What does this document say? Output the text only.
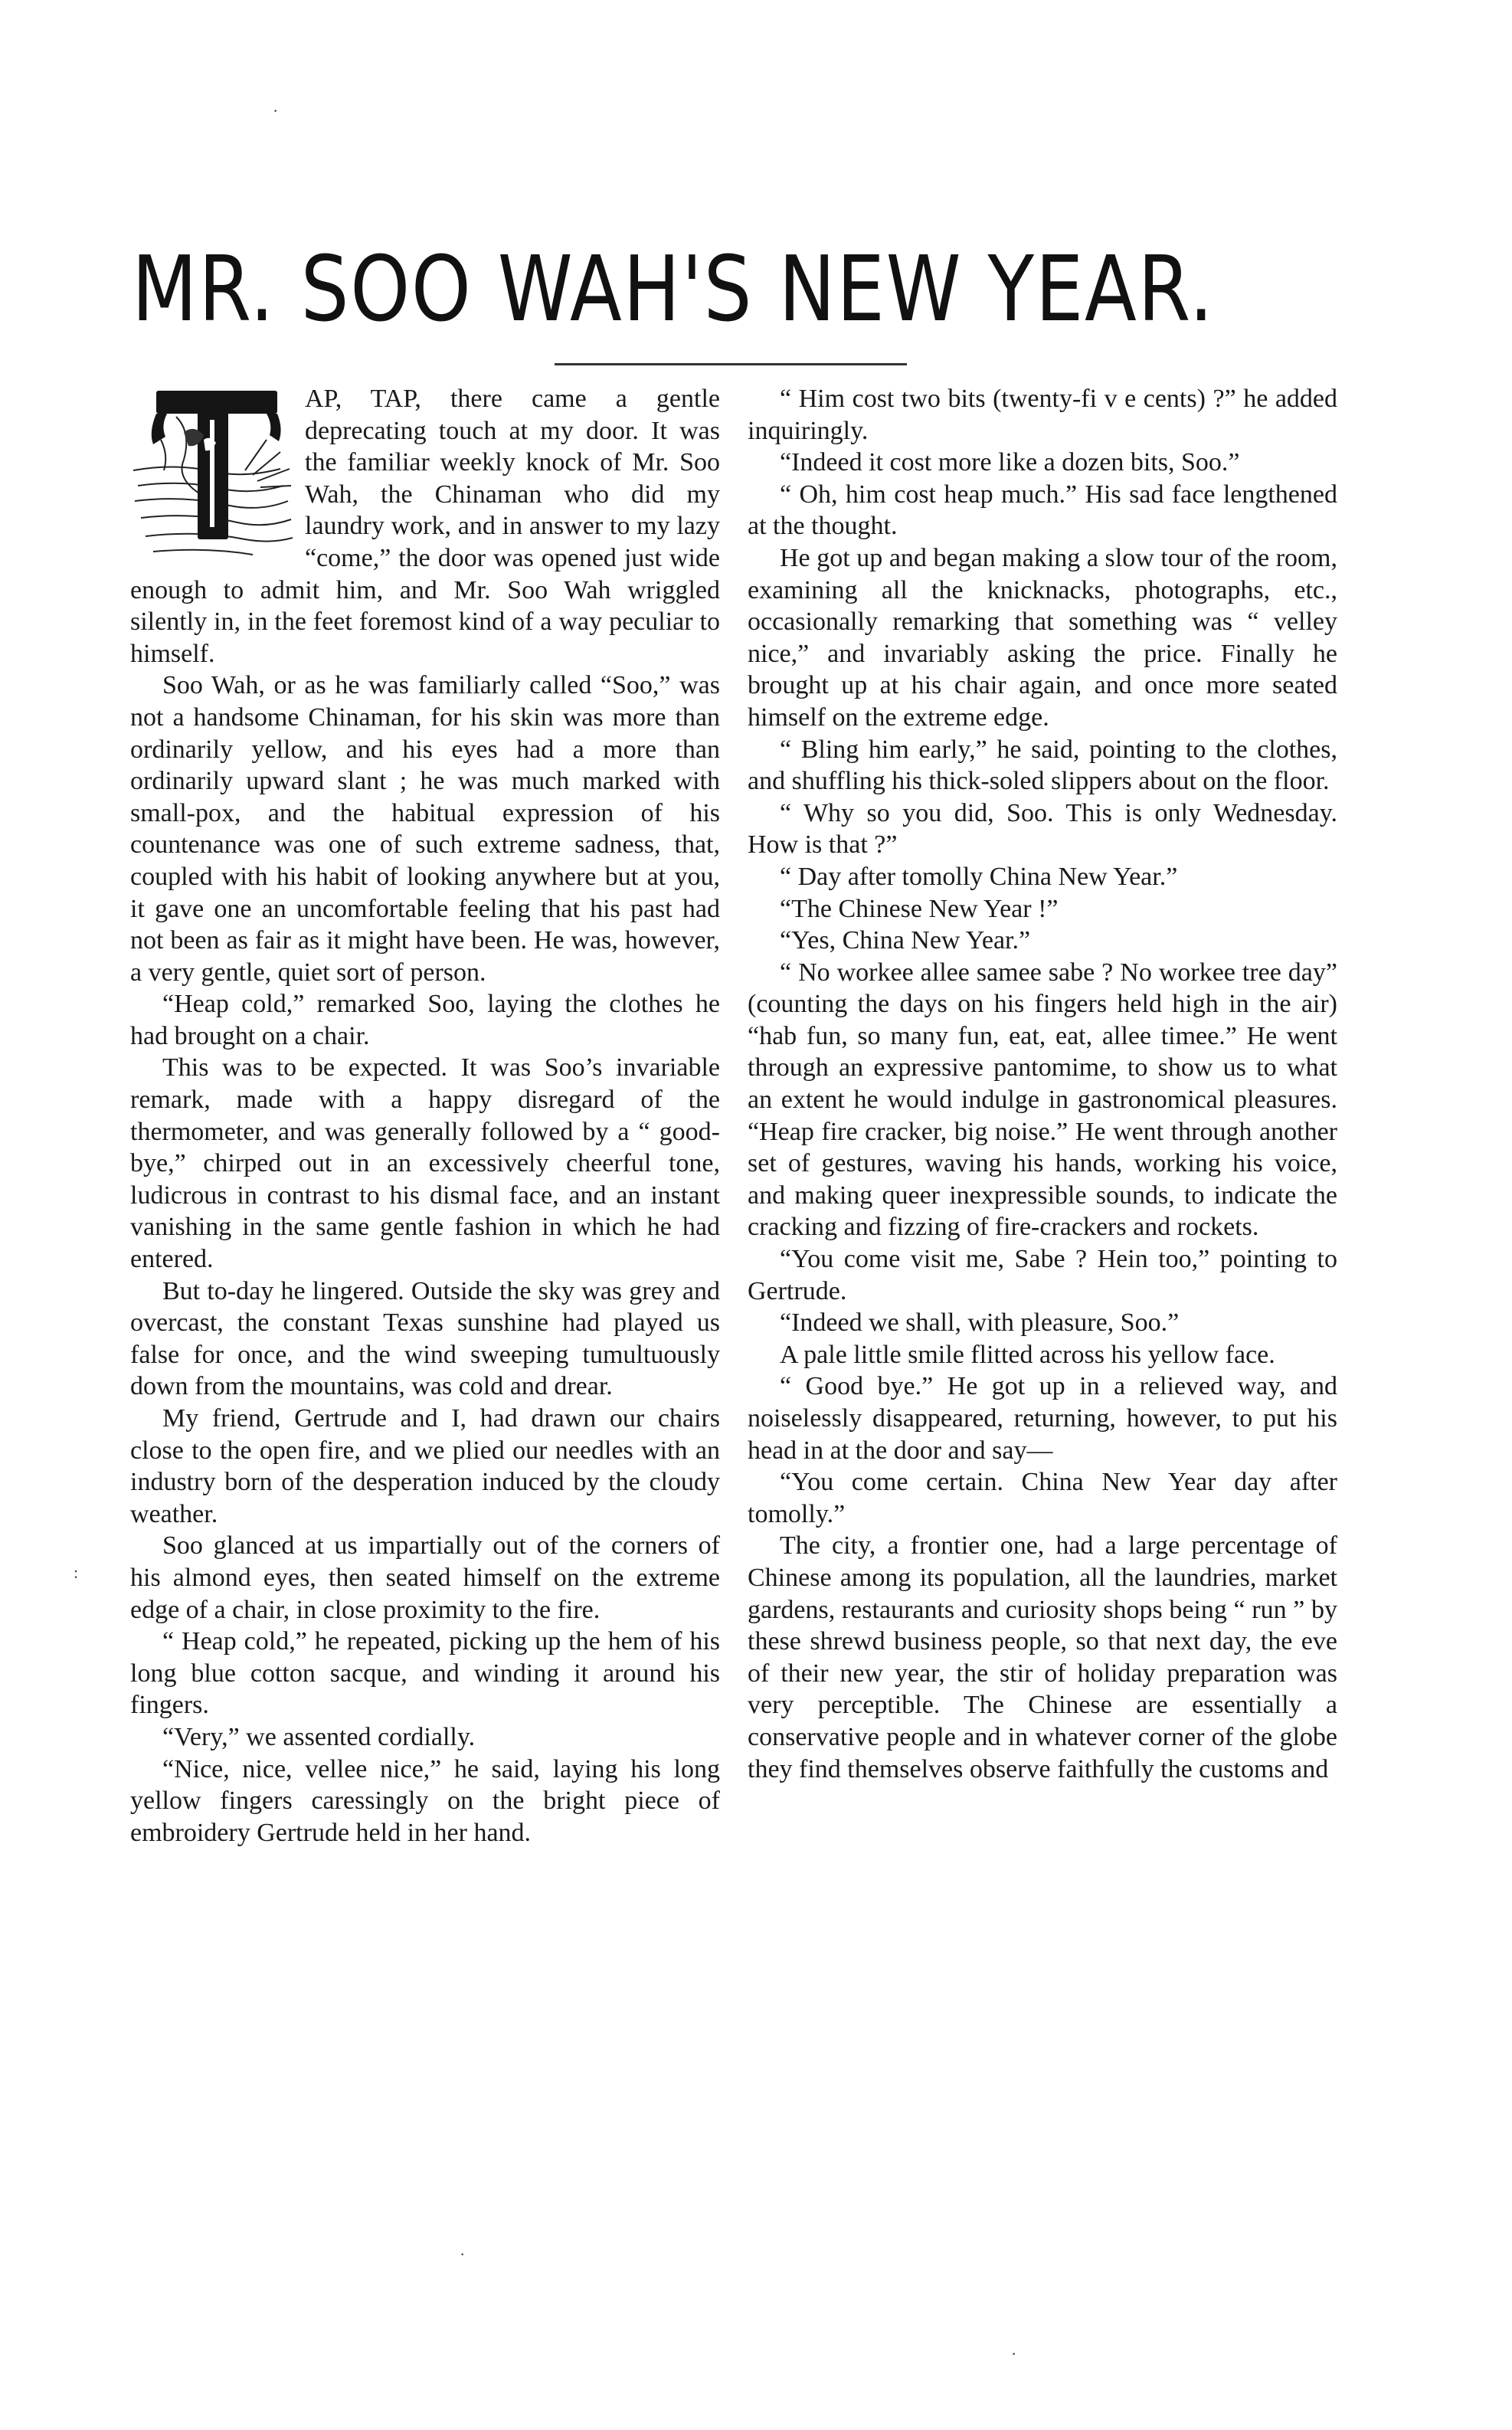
MR. SOO WAH'S NEW YEAR.

AP, TAP, there came a gentle deprecating touch at my door. It was the familiar weekly knock of Mr. Soo Wah, the Chinaman who did my laundry work, and in answer to my lazy “come,” the door was opened just wide enough to admit him, and Mr. Soo Wah wriggled silently in, in the feet foremost kind of a way peculiar to himself.

Soo Wah, or as he was familiarly called “Soo,” was not a handsome Chinaman, for his skin was more than ordinarily yellow, and his eyes had a more than ordinarily upward slant ; he was much marked with small-pox, and the habitual expression of his countenance was one of such extreme sadness, that, coupled with his habit of looking anywhere but at you, it gave one an uncomfortable feeling that his past had not been as fair as it might have been. He was, however, a very gentle, quiet sort of person.

“Heap cold,” remarked Soo, laying the clothes he had brought on a chair.

This was to be expected. It was Soo’s invariable remark, made with a happy disregard of the thermometer, and was generally followed by a “ good-bye,” chirped out in an excessively cheerful tone, ludicrous in contrast to his dismal face, and an instant vanishing in the same gentle fashion in which he had entered.

But to-day he lingered. Outside the sky was grey and overcast, the constant Texas sunshine had played us false for once, and the wind sweeping tumultuously down from the mountains, was cold and drear.

My friend, Gertrude and I, had drawn our chairs close to the open fire, and we plied our needles with an industry born of the desperation induced by the cloudy weather.

Soo glanced at us impartially out of the corners of his almond eyes, then seated himself on the extreme edge of a chair, in close proximity to the fire.

“ Heap cold,” he repeated, picking up the hem of his long blue cotton sacque, and winding it around his fingers.

“Very,” we assented cordially.

“Nice, nice, vellee nice,” he said, laying his long yellow fingers caressingly on the bright piece of embroidery Gertrude held in her hand.

“ Him cost two bits (twenty-fi v e cents) ?” he added inquiringly.

“Indeed it cost more like a dozen bits, Soo.”

“ Oh, him cost heap much.” His sad face lengthened at the thought.

He got up and began making a slow tour of the room, examining all the knicknacks, photographs, etc., occasionally remarking that something was “ velley nice,” and invariably asking the price. Finally he brought up at his chair again, and once more seated himself on the extreme edge.

“ Bling him early,” he said, pointing to the clothes, and shuffling his thick-soled slippers about on the floor.

“ Why so you did, Soo. This is only Wednesday. How is that ?”

“ Day after tomolly China New Year.”

“The Chinese New Year !”

“Yes, China New Year.”

“ No workee allee samee sabe ? No workee tree day” (counting the days on his fingers held high in the air) “hab fun, so many fun, eat, eat, allee timee.” He went through an expressive pantomime, to show us to what an extent he would indulge in gastronomical pleasures. “Heap fire cracker, big noise.” He went through another set of gestures, waving his hands, working his voice, and making queer inexpressible sounds, to indicate the cracking and fizzing of fire-crackers and rockets.

“You come visit me, Sabe ? Hein too,” pointing to Gertrude.

“Indeed we shall, with pleasure, Soo.”

A pale little smile flitted across his yellow face.

“ Good bye.” He got up in a relieved way, and noiselessly disappeared, returning, however, to put his head in at the door and say—

“You come certain. China New Year day after tomolly.”

The city, a frontier one, had a large percentage of Chinese among its population, all the laundries, market gardens, restaurants and curiosity shops being “ run ” by these shrewd business people, so that next day, the eve of their new year, the stir of holiday preparation was very perceptible. The Chinese are essentially a conservative people and in whatever corner of the globe they find themselves observe faithfully the customs and

·
:
·
·
